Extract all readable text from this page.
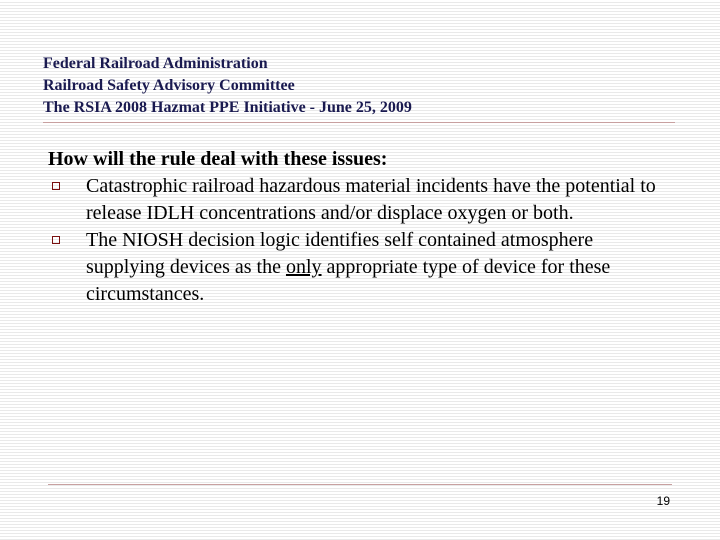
Federal Railroad Administration
Railroad Safety Advisory Committee
The RSIA 2008 Hazmat PPE Initiative - June 25, 2009
How will the rule deal with these issues:
Catastrophic railroad hazardous material incidents have the potential to release IDLH concentrations and/or displace oxygen or both.
The NIOSH decision logic identifies self contained atmosphere supplying devices as the only appropriate type of device for these circumstances.
19
